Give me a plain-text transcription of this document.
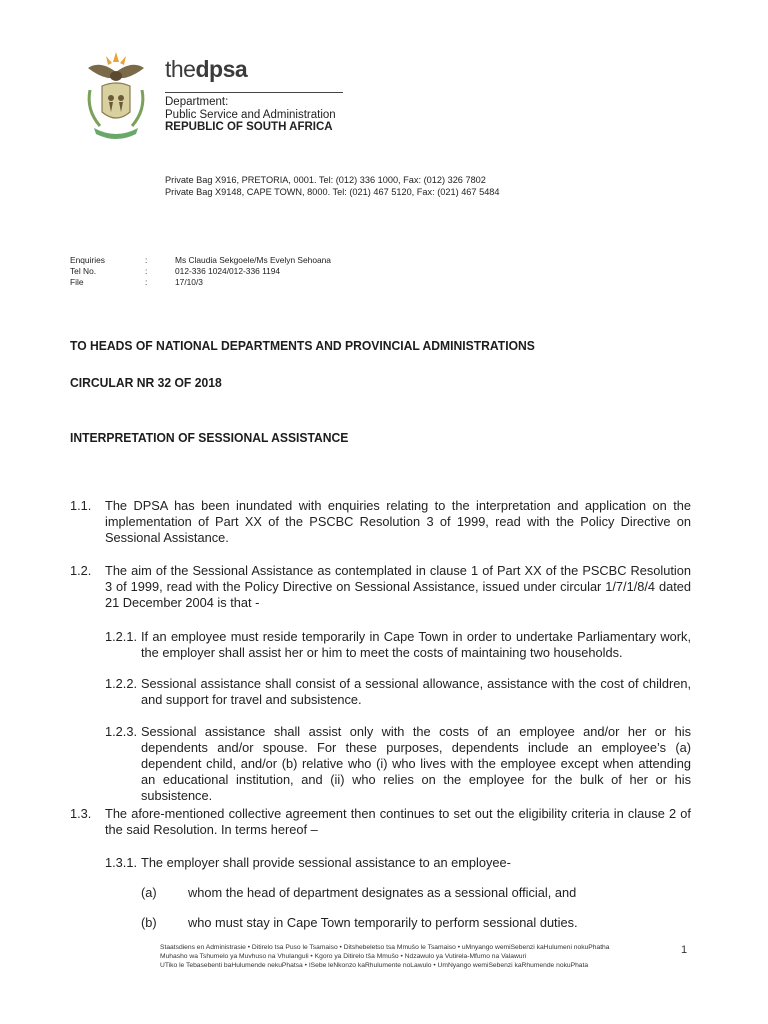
thedpsa
Department:
Public Service and Administration
REPUBLIC OF SOUTH AFRICA
Private Bag X916, PRETORIA, 0001. Tel: (012) 336 1000, Fax: (012) 326 7802
Private Bag X9148, CAPE TOWN, 8000. Tel: (021) 467 5120, Fax: (021) 467 5484
Enquiries	:	Ms Claudia Sekgoele/Ms Evelyn Sehoana
Tel No.	:	012-336 1024/012-336 1194
File	:	17/10/3
TO HEADS OF NATIONAL DEPARTMENTS AND PROVINCIAL ADMINISTRATIONS
CIRCULAR NR 32 OF 2018
INTERPRETATION OF SESSIONAL ASSISTANCE
1.1. The DPSA has been inundated with enquiries relating to the interpretation and application on the implementation of Part XX of the PSCBC Resolution 3 of 1999, read with the Policy Directive on Sessional Assistance.
1.2. The aim of the Sessional Assistance as contemplated in clause 1 of Part XX of the PSCBC Resolution 3 of 1999, read with the Policy Directive on Sessional Assistance, issued under circular 1/7/1/8/4 dated 21 December 2004 is that -
1.2.1. If an employee must reside temporarily in Cape Town in order to undertake Parliamentary work, the employer shall assist her or him to meet the costs of maintaining two households.
1.2.2. Sessional assistance shall consist of a sessional allowance, assistance with the cost of children, and support for travel and subsistence.
1.2.3. Sessional assistance shall assist only with the costs of an employee and/or her or his dependents and/or spouse. For these purposes, dependents include an employee’s (a) dependent child, and/or (b) relative who (i) who lives with the employee except when attending an educational institution, and (ii) who relies on the employee for the bulk of her or his subsistence.
1.3. The afore-mentioned collective agreement then continues to set out the eligibility criteria in clause 2 of the said Resolution. In terms hereof –
1.3.1. The employer shall provide sessional assistance to an employee-
(a) whom the head of department designates as a sessional official, and
(b) who must stay in Cape Town temporarily to perform sessional duties.
Staatsdiens en Administrasie • Ditirelo tsa Puso le Tsamaiso • Ditshebeletso tsa Mmušo le Tsamaiso • uMnyango wemiSebenzi kaHulumeni nokuPhatha
Muhasho wa Tshumelo ya Muvhuso na Vhulanguli • Kgoro ya Ditirelo tša Mmušo • Ndzawulo ya Vutirela-Mfumo na Valawuri
UTiko le Tebasebenti baHulumende nekuPhatsa • ISebe leNkonzo kaRhulumente noLawulo • UmNyango wemiSebenzi kaRhumende nokuPhata
1
